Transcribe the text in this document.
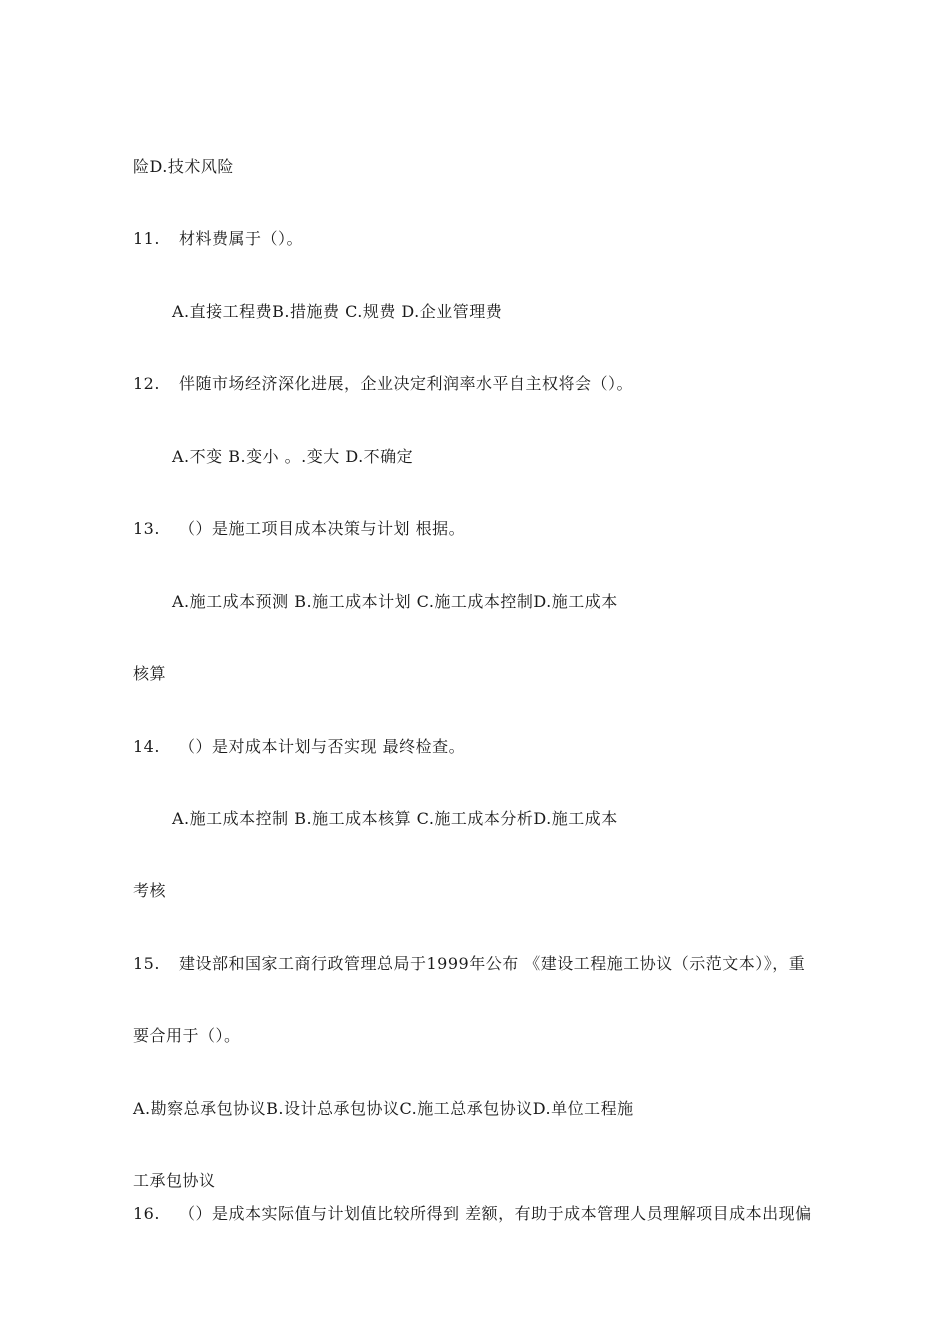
险D.技术风险
11. 材料费属于（）。
A.直接工程费B.措施费 C.规费 D.企业管理费
12. 伴随市场经济深化进展，企业决定利润率水平自主权将会（）。
A.不变 B.变小 。.变大 D.不确定
13. （）是施工项目成本决策与计划 根据。
A.施工成本预测 B.施工成本计划 C.施工成本控制D.施工成本
核算
14. （）是对成本计划与否实现 最终检查。
A.施工成本控制 B.施工成本核算 C.施工成本分析D.施工成本
考核
15. 建设部和国家工商行政管理总局于1999年公布 《建设工程施工协议（示范文本）》，重
要合用于（）。
A.勘察总承包协议B.设计总承包协议C.施工总承包协议D.单位工程施
工承包协议
16. （）是成本实际值与计划值比较所得到 差额，有助于成本管理人员理解项目成本出现偏
